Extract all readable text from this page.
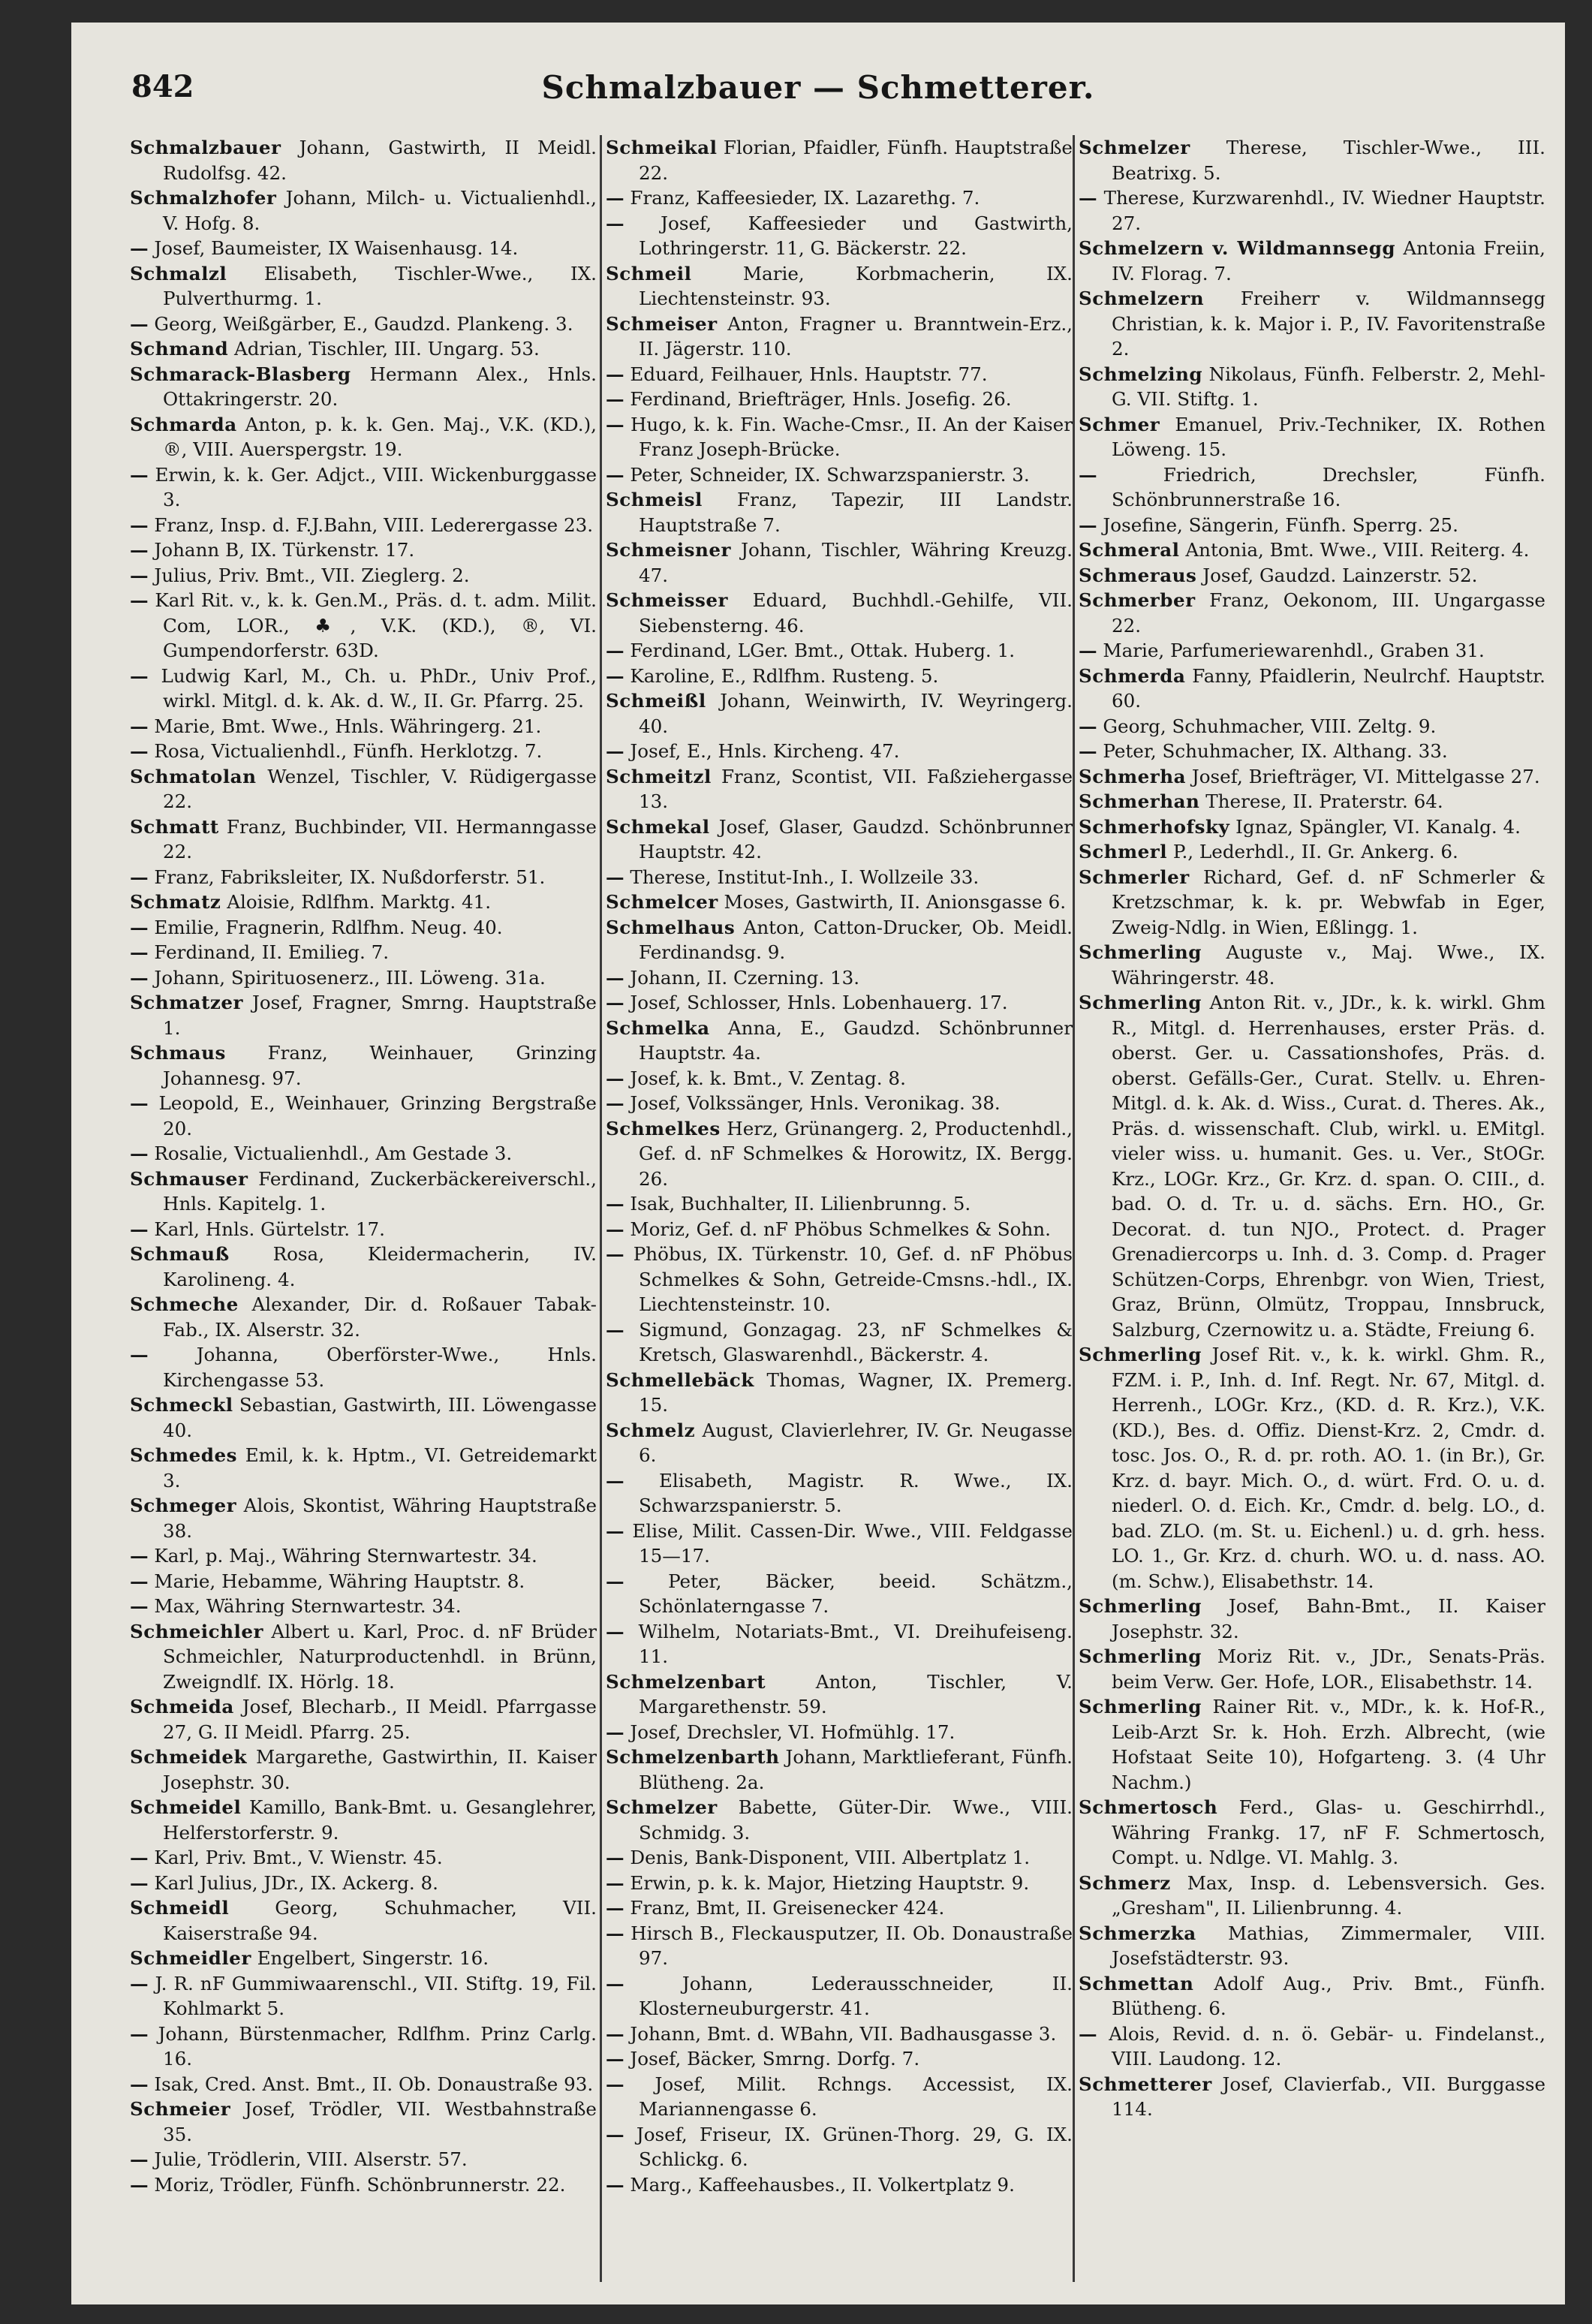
842	Schmalzbauer — Schmetterer.
Schmalzbauer Johann, Gastwirth, II Meidl. Rudolfsg. 42.
Schmalzhofer Johann, Milch- u. Victualienhdl., V. Hofg. 8.
— Josef, Baumeister, IX Waisenhausg. 14.
Schmalzl Elisabeth, Tischler-Wwe., IX. Pulverthurmg. 1.
— Georg, Weißgärber, E., Gaudzd. Plankeng. 3.
Schmand Adrian, Tischler, III. Ungarg. 53.
Schmarack-Blasberg Hermann Alex., Hnls. Ottakringerstr. 20.
Schmarda Anton, p. k. k. Gen. Maj., V.K. (KD.), ®, VIII. Auerspergstr. 19.
— Erwin, k. k. Ger. Adjct., VIII. Wickenburggasse 3.
— Franz, Insp. d. F.J.Bahn, VIII. Lederergasse 23.
— Johann B, IX. Türkenstr. 17.
— Julius, Priv. Bmt., VII. Zieglerg. 2.
— Karl Rit. v., k. k. Gen.M., Präs. d. t. adm. Milit. Com, LOR., ♣, V.K. (KD.), ®, VI. Gumpendorferstr. 63D.
— Ludwig Karl, M., Ch. u. PhDr., Univ Prof., wirkl. Mitgl. d. k. Ak. d. W., II. Gr. Pfarrg. 25.
— Marie, Bmt. Wwe., Hnls. Währingerg. 21.
— Rosa, Victualienhdl., Fünfh. Herklotzg. 7.
Schmatolan Wenzel, Tischler, V. Rüdigergasse 22.
Schmatt Franz, Buchbinder, VII. Hermanngasse 22.
— Franz, Fabriksleiter, IX. Nußdorferstr. 51.
Schmatz Aloisie, Rdlfhm. Marktg. 41.
— Emilie, Fragnerin, Rdlfhm. Neug. 40.
— Ferdinand, II. Emilieg. 7.
— Johann, Spirituosenerz., III. Löweng. 31a.
Schmatzer Josef, Fragner, Smrng. Hauptstraße 1.
Schmaus Franz, Weinhauer, Grinzing Johannesg. 97.
— Leopold, E., Weinhauer, Grinzing Bergstraße 20.
— Rosalie, Victualienhdl., Am Gestade 3.
Schmauser Ferdinand, Zuckerbäckereiverschl., Hnls. Kapitelg. 1.
— Karl, Hnls. Gürtelstr. 17.
Schmauß Rosa, Kleidermacherin, IV. Karolineng. 4.
Schmeche Alexander, Dir. d. Roßauer Tabak-Fab., IX. Alserstr. 32.
— Johanna, Oberförster-Wwe., Hnls. Kirchengasse 53.
Schmeckl Sebastian, Gastwirth, III. Löwengasse 40.
Schmedes Emil, k. k. Hptm., VI. Getreidemarkt 3.
Schmeger Alois, Skontist, Währing Hauptstraße 38.
— Karl, p. Maj., Währing Sternwartestr. 34.
— Marie, Hebamme, Währing Hauptstr. 8.
— Max, Währing Sternwartestr. 34.
Schmeichler Albert u. Karl, Proc. d. nF Brüder Schmeichler, Naturproductenhdl. in Brünn, Zweigndlf. IX. Hörlg. 18.
Schmeida Josef, Blecharb., II Meidl. Pfarrgasse 27, G. II Meidl. Pfarrg. 25.
Schmeidek Margarethe, Gastwirthin, II. Kaiser Josephstr. 30.
Schmeidel Kamillo, Bank-Bmt. u. Gesanglehrer, Helferstorferstr. 9.
— Karl, Priv. Bmt., V. Wienstr. 45.
— Karl Julius, JDr., IX. Ackerg. 8.
Schmeidl Georg, Schuhmacher, VII. Kaiserstraße 94.
Schmeidler Engelbert, Singerstr. 16.
— J. R. nF Gummiwaarenschl., VII. Stiftg. 19, Fil. Kohlmarkt 5.
— Johann, Bürstenmacher, Rdlfhm. Prinz Carlg. 16.
— Isak, Cred. Anst. Bmt., II. Ob. Donaustraße 93.
Schmeier Josef, Trödler, VII. Westbahnstraße 35.
— Julie, Trödlerin, VIII. Alserstr. 57.
— Moriz, Trödler, Fünfh. Schönbrunnerstr. 22.
Schmeikal Florian, Pfaidler, Fünfh. Hauptstraße 22.
— Franz, Kaffeesieder, IX. Lazarethg. 7.
— Josef, Kaffeesieder und Gastwirth, Lothringerstr. 11, G. Bäckerstr. 22.
Schmeil Marie, Korbmacherin, IX. Liechtensteinstr. 93.
Schmeiser Anton, Fragner u. Branntwein-Erz., II. Jägerstr. 110.
— Eduard, Feilhauer, Hnls. Hauptstr. 77.
— Ferdinand, Briefträger, Hnls. Josefig. 26.
— Hugo, k. k. Fin. Wache-Cmsr., II. An der Kaiser Franz Joseph-Brücke.
— Peter, Schneider, IX. Schwarzspanierstr. 3.
Schmeisl Franz, Tapezir, III Landstr. Hauptstraße 7.
Schmeisner Johann, Tischler, Währing Kreuzg. 47.
Schmeisser Eduard, Buchhdl.-Gehilfe, VII. Siebensterng. 46.
— Ferdinand, LGer. Bmt., Ottak. Huberg. 1.
— Karoline, E., Rdlfhm. Rusteng. 5.
Schmeißl Johann, Weinwirth, IV. Weyringerg. 40.
— Josef, E., Hnls. Kircheng. 47.
Schmeitzl Franz, Scontist, VII. Faßziehergasse 13.
Schmekal Josef, Glaser, Gaudzd. Schönbrunner Hauptstr. 42.
— Therese, Institut-Inh., I. Wollzeile 33.
Schmelcer Moses, Gastwirth, II. Anionsgasse 6.
Schmelhaus Anton, Catton-Drucker, Ob. Meidl. Ferdinandsg. 9.
— Johann, II. Czerning. 13.
— Josef, Schlosser, Hnls. Lobenhauerg. 17.
Schmelka Anna, E., Gaudzd. Schönbrunner Hauptstr. 4a.
— Josef, k. k. Bmt., V. Zentag. 8.
— Josef, Volkssänger, Hnls. Veronikag. 38.
Schmelkes Herz, Grünangerg. 2, Productenhdl., Gef. d. nF Schmelkes & Horowitz, IX. Bergg. 26.
— Isak, Buchhalter, II. Lilienbrunng. 5.
— Moriz, Gef. d. nF Phöbus Schmelkes & Sohn.
— Phöbus, IX. Türkenstr. 10, Gef. d. nF Phöbus Schmelkes & Sohn, Getreide-Cmsns.-hdl., IX. Liechtensteinstr. 10.
— Sigmund, Gonzagag. 23, nF Schmelkes & Kretsch, Glaswarenhdl., Bäckerstr. 4.
Schmellebäck Thomas, Wagner, IX. Premerg. 15.
Schmelz August, Clavierlehrer, IV. Gr. Neugasse 6.
— Elisabeth, Magistr. R. Wwe., IX. Schwarzspanierstr. 5.
— Elise, Milit. Cassen-Dir. Wwe., VIII. Feldgasse 15—17.
— Peter, Bäcker, beeid. Schätzm., Schönlaterngasse 7.
— Wilhelm, Notariats-Bmt., VI. Dreihufeiseng. 11.
Schmelzenbart Anton, Tischler, V. Margarethenstr. 59.
— Josef, Drechsler, VI. Hofmühlg. 17.
Schmelzenbarth Johann, Marktlieferant, Fünfh. Blütheng. 2a.
Schmelzer Babette, Güter-Dir. Wwe., VIII. Schmidg. 3.
— Denis, Bank-Disponent, VIII. Albertplatz 1.
— Erwin, p. k. k. Major, Hietzing Hauptstr. 9.
— Franz, Bmt, II. Greisenecker 424.
— Hirsch B., Fleckausputzer, II. Ob. Donaustraße 97.
— Johann, Lederausschneider, II. Klosterneuburgerstr. 41.
— Johann, Bmt. d. WBahn, VII. Badhausgasse 3.
— Josef, Bäcker, Smrng. Dorfg. 7.
— Josef, Milit. Rchngs. Accessist, IX. Mariannengasse 6.
— Josef, Friseur, IX. Grünen-Thorg. 29, G. IX. Schlickg. 6.
— Marg., Kaffeehausbes., II. Volkertplatz 9.
Schmelzer Therese, Tischler-Wwe., III. Beatrixg. 5.
— Therese, Kurzwarenhdl., IV. Wiedner Hauptstr. 27.
Schmelzern v. Wildmannsegg Antonia Freiin, IV. Florag. 7.
Schmelzern Freiherr v. Wildmannsegg Christian, k. k. Major i. P., IV. Favoritenstraße 2.
Schmelzing Nikolaus, Fünfh. Felberstr. 2, Mehl-G. VII. Stiftg. 1.
Schmer Emanuel, Priv.-Techniker, IX. Rothen Löweng. 15.
— Friedrich, Drechsler, Fünfh. Schönbrunnerstraße 16.
— Josefine, Sängerin, Fünfh. Sperrg. 25.
Schmeral Antonia, Bmt. Wwe., VIII. Reiterg. 4.
Schmeraus Josef, Gaudzd. Lainzerstr. 52.
Schmerber Franz, Oekonom, III. Ungargasse 22.
— Marie, Parfumeriewarenhdl., Graben 31.
Schmerda Fanny, Pfaidlerin, Neulrchf. Hauptstr. 60.
— Georg, Schuhmacher, VIII. Zeltg. 9.
— Peter, Schuhmacher, IX. Althang. 33.
Schmerha Josef, Briefträger, VI. Mittelgasse 27.
Schmerhan Therese, II. Praterstr. 64.
Schmerhofsky Ignaz, Spängler, VI. Kanalg. 4.
Schmerl P., Lederhdl., II. Gr. Ankerg. 6.
Schmerler Richard, Gef. d. nF Schmerler & Kretzschmar, k. k. pr. Webwfab in Eger, Zweig-Ndlg. in Wien, Eßlingg. 1.
Schmerling Auguste v., Maj. Wwe., IX. Währingerstr. 48.
Schmerling Anton Rit. v., JDr., k. k. wirkl. Ghm R., Mitgl. d. Herrenhauses, erster Präs. d. oberst. Ger. u. Cassationshofes, Präs. d. oberst. Gefälls-Ger., Curat. Stellv. u. Ehren-Mitgl. d. k. Ak. d. Wiss., Curat. d. Theres. Ak., Präs. d. wissenschaft. Club, wirkl. u. EMitgl. vieler wiss. u. humanit. Ges. u. Ver., StOGr. Krz., LOGr. Krz., Gr. Krz. d. span. O. CIII., d. bad. O. d. Tr. u. d. sächs. Ern. HO., Gr. Decorat. d. tun NJO., Protect. d. Prager Grenadiercorps u. Inh. d. 3. Comp. d. Prager Schützen-Corps, Ehrenbgr. von Wien, Triest, Graz, Brünn, Olmütz, Troppau, Innsbruck, Salzburg, Czernowitz u. a. Städte, Freiung 6.
Schmerling Josef Rit. v., k. k. wirkl. Ghm. R., FZM. i. P., Inh. d. Inf. Regt. Nr. 67, Mitgl. d. Herrenh., LOGr. Krz., (KD. d. R. Krz.), V.K. (KD.), Bes. d. Offiz. Dienst-Krz. 2, Cmdr. d. tosc. Jos. O., R. d. pr. roth. AO. 1. (in Br.), Gr. Krz. d. bayr. Mich. O., d. würt. Frd. O. u. d. niederl. O. d. Eich. Kr., Cmdr. d. belg. LO., d. bad. ZLO. (m. St. u. Eichenl.) u. d. grh. hess. LO. 1., Gr. Krz. d. churh. WO. u. d. nass. AO. (m. Schw.), Elisabethstr. 14.
Schmerling Josef, Bahn-Bmt., II. Kaiser Josephstr. 32.
Schmerling Moriz Rit. v., JDr., Senats-Präs. beim Verw. Ger. Hofe, LOR., Elisabethstr. 14.
Schmerling Rainer Rit. v., MDr., k. k. Hof-R., Leib-Arzt Sr. k. Hoh. Erzh. Albrecht, (wie Hofstaat Seite 10), Hofgarteng. 3. (4 Uhr Nachm.)
Schmertosch Ferd., Glas- u. Geschirrhdl., Währing Frankg. 17, nF F. Schmertosch, Compt. u. Ndlge. VI. Mahlg. 3.
Schmerz Max, Insp. d. Lebensversich. Ges. „Gresham", II. Lilienbrunng. 4.
Schmerzka Mathias, Zimmermaler, VIII. Josefstädterstr. 93.
Schmettan Adolf Aug., Priv. Bmt., Fünfh. Blütheng. 6.
— Alois, Revid. d. n. ö. Gebär- u. Findelanst., VIII. Laudong. 12.
Schmetterer Josef, Clavierfab., VII. Burggasse 114.
